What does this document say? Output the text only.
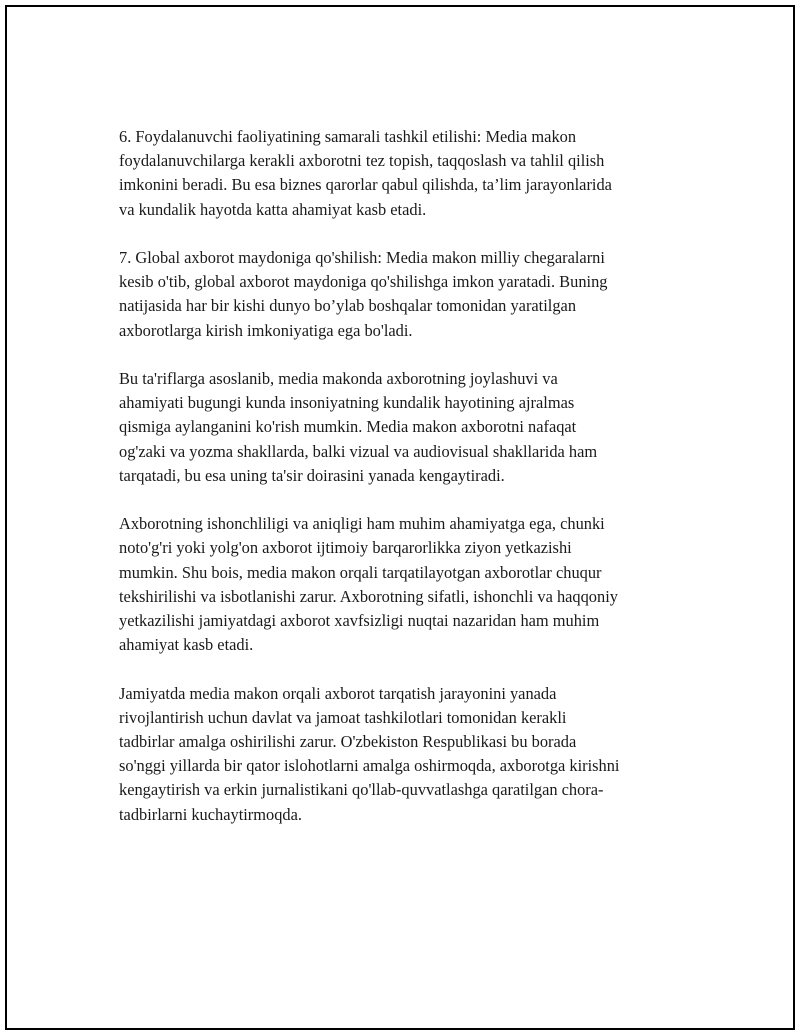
6. Foydalanuvchi faoliyatining samarali tashkil etilishi: Media makon
foydalanuvchilarga kerakli axborotni tez topish, taqqoslash va tahlil qilish
imkonini beradi. Bu esa biznes qarorlar qabul qilishda, ta’lim jarayonlarida
va kundalik hayotda katta ahamiyat kasb etadi.

7. Global axborot maydoniga qo'shilish: Media makon milliy chegaralarni
kesib o'tib, global axborot maydoniga qo'shilishga imkon yaratadi. Buning
natijasida har bir kishi dunyo bo’ylab boshqalar tomonidan yaratilgan
axborotlarga kirish imkoniyatiga ega bo'ladi.

Bu ta'riflarga asoslanib, media makonda axborotning joylashuvi va
ahamiyati bugungi kunda insoniyatning kundalik hayotining ajralmas
qismiga aylanganini ko'rish mumkin. Media makon axborotni nafaqat
og'zaki va yozma shakllarda, balki vizual va audiovisual shakllarida ham
tarqatadi, bu esa uning ta'sir doirasini yanada kengaytiradi.

Axborotning ishonchliligi va aniqligi ham muhim ahamiyatga ega, chunki
noto'g'ri yoki yolg'on axborot ijtimoiy barqarorlikka ziyon yetkazishi
mumkin. Shu bois, media makon orqali tarqatilayotgan axborotlar chuqur
tekshirilishi va isbotlanishi zarur. Axborotning sifatli, ishonchli va haqqoniy
yetkazilishi jamiyatdagi axborot xavfsizligi nuqtai nazaridan ham muhim
ahamiyat kasb etadi.

Jamiyatda media makon orqali axborot tarqatish jarayonini yanada
rivojlantirish uchun davlat va jamoat tashkilotlari tomonidan kerakli
tadbirlar amalga oshirilishi zarur. O'zbekiston Respublikasi bu borada
so'nggi yillarda bir qator islohotlarni amalga oshirmoqda, axborotga kirishni
kengaytirish va erkin jurnalistikani qo'llab-quvvatlashga qaratilgan chora-
tadbirlarni kuchaytirmoqda.
